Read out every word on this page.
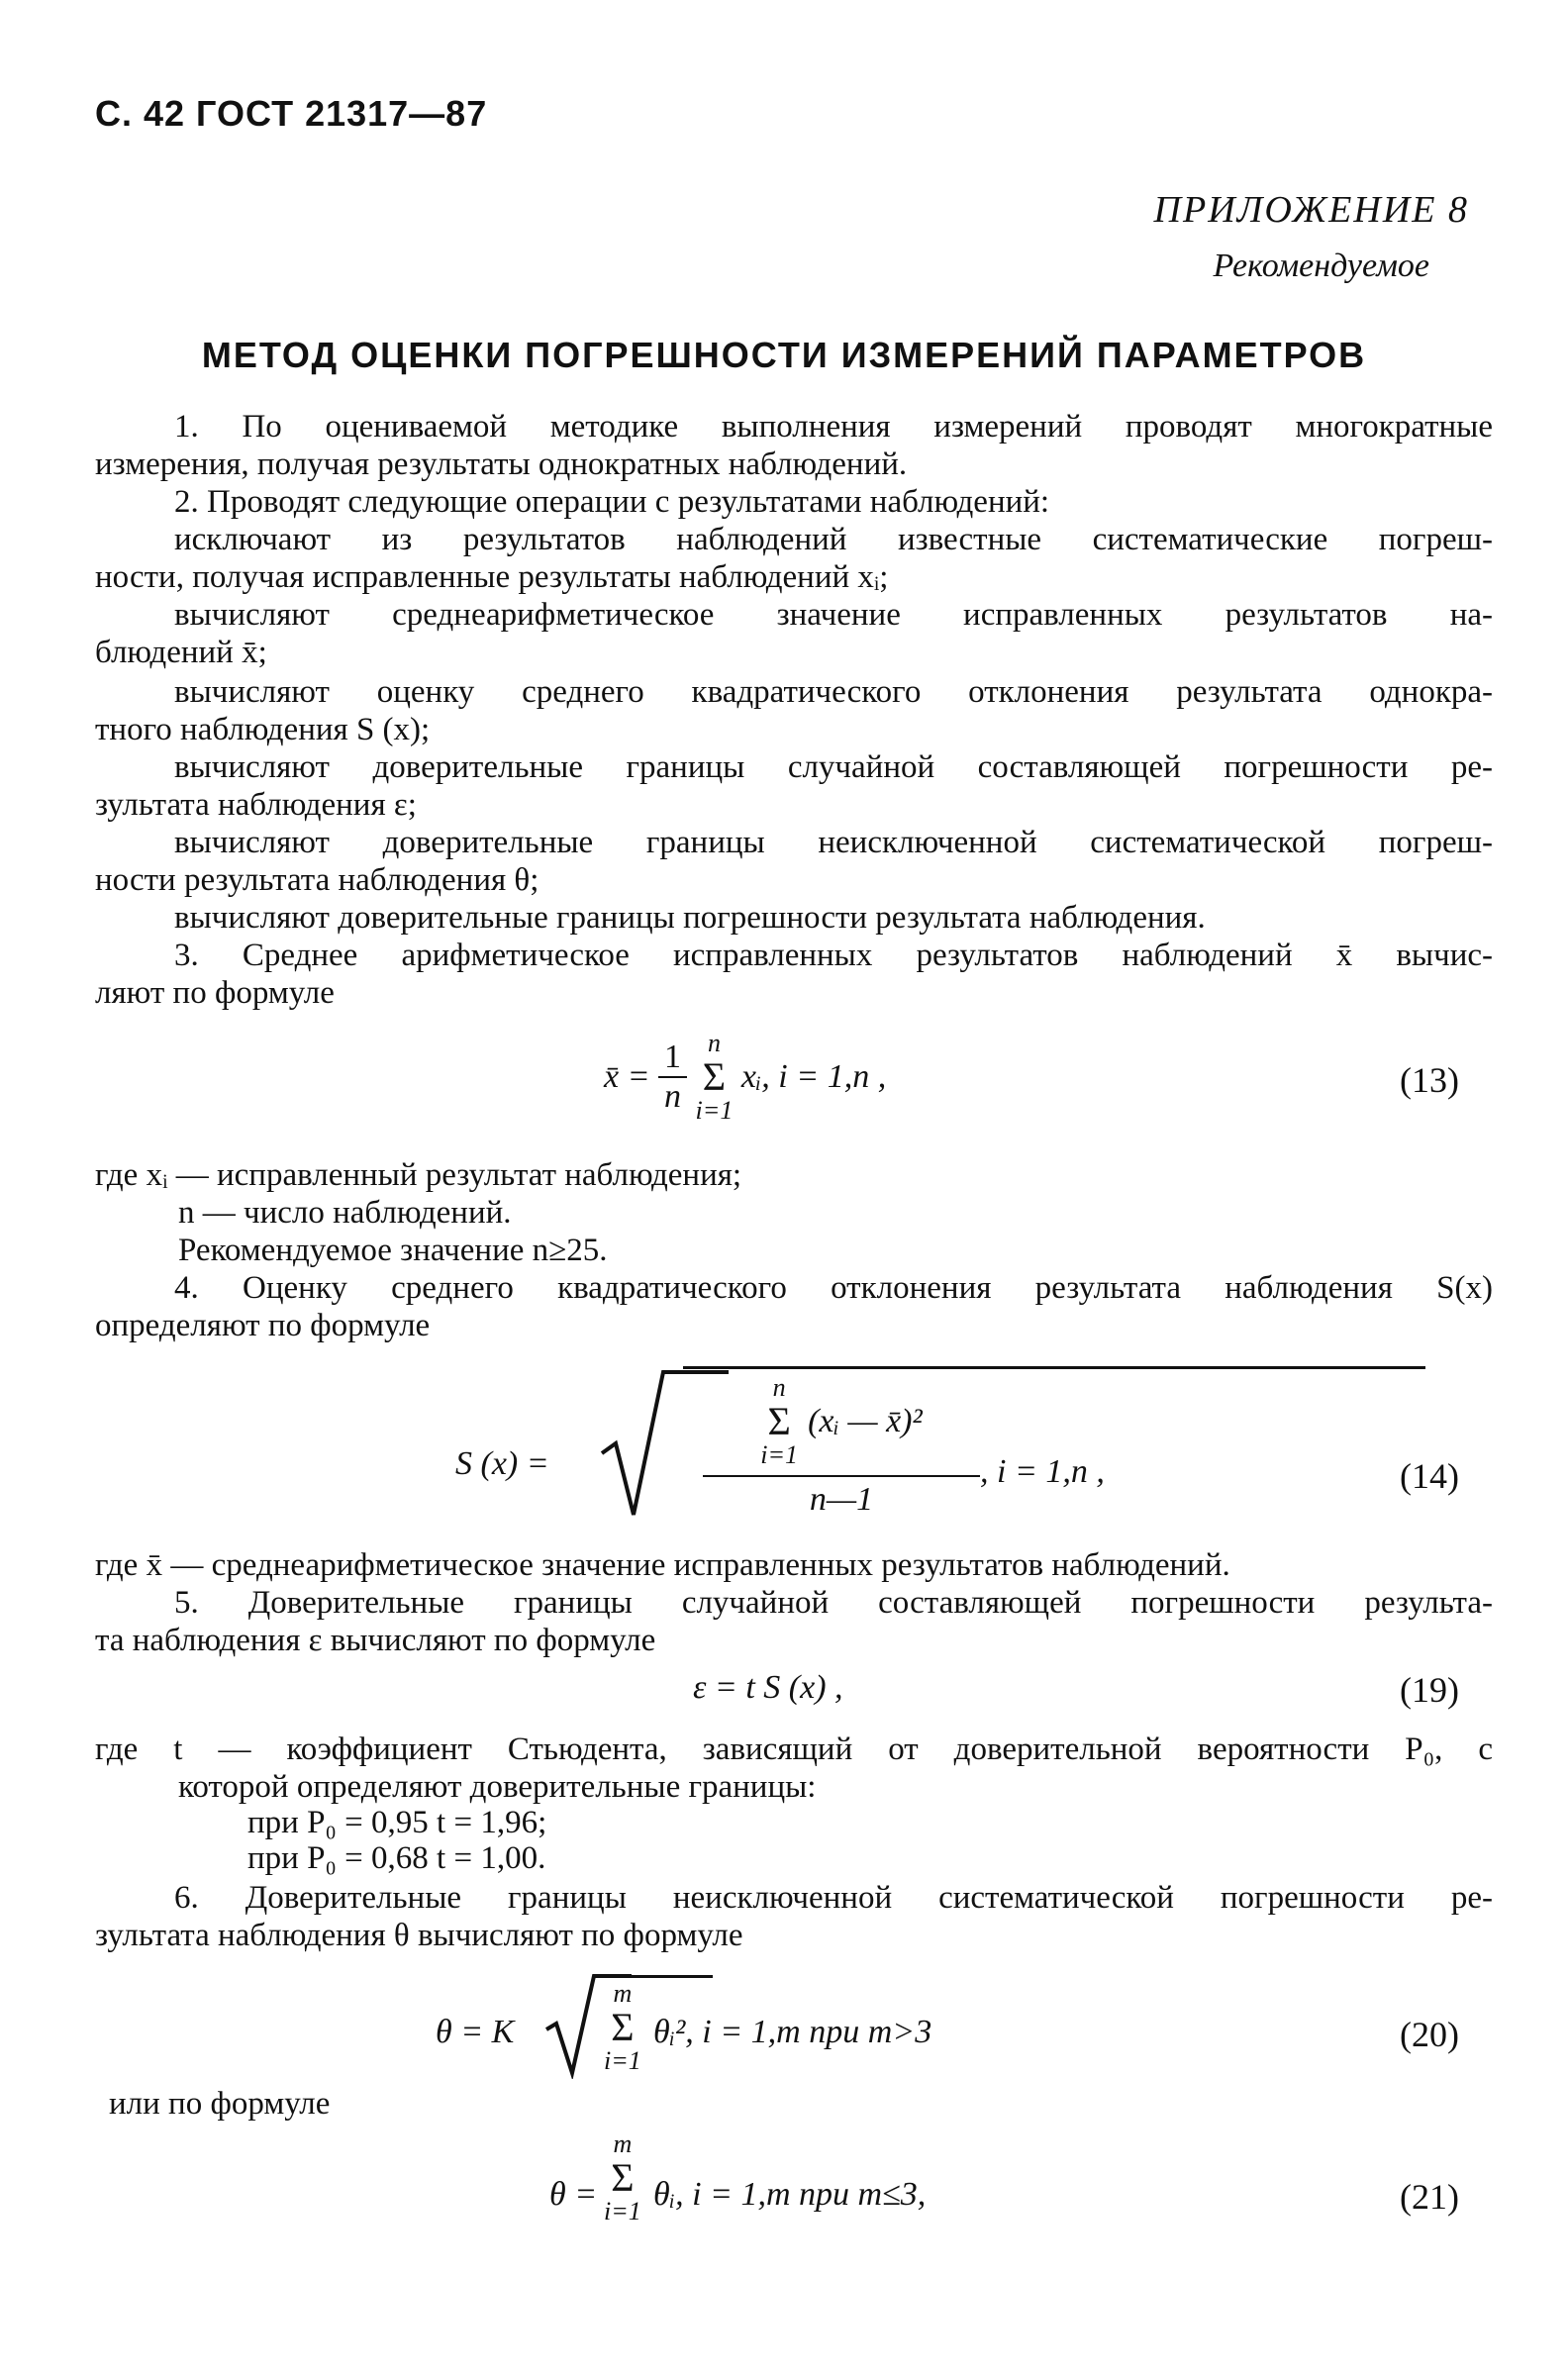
С. 42 ГОСТ 21317—87
ПРИЛОЖЕНИЕ 8
Рекомендуемое
МЕТОД ОЦЕНКИ ПОГРЕШНОСТИ ИЗМЕРЕНИЙ ПАРАМЕТРОВ
1. По оцениваемой методике выполнения измерений проводят многократные
измерения, получая результаты однократных наблюдений.
2. Проводят следующие операции с результатами наблюдений:
исключают из результатов наблюдений известные систематические погреш-
ности, получая исправленные результаты наблюдений xᵢ;
вычисляют среднеарифметическое значение исправленных результатов на-
блюдений x̄;
вычисляют оценку среднего квадратического отклонения результата однокра-
тного наблюдения S (x);
вычисляют доверительные границы случайной составляющей погрешности ре-
зультата наблюдения ε;
вычисляют доверительные границы неисключенной систематической погреш-
ности результата наблюдения θ;
вычисляют доверительные границы погрешности результата наблюдения.
3. Среднее арифметическое исправленных результатов наблюдений x̄ вычис-
ляют по формуле
x̄ = $\frac{1}{n}$ n
Σ
i=1 xᵢ, i = 1,n ,	(13)
где xᵢ — исправленный результат наблюдения;
n — число наблюдений.
Рекомендуемое значение n≥25.
4. Оценку среднего квадратического отклонения результата наблюдения S(x)
определяют по формуле
S (x) =
n
Σ
i=1
(xᵢ — x̄)²
n—1
, i = 1,n ,	(14)
где x̄ — среднеарифметическое значение исправленных результатов наблюдений.
5. Доверительные границы случайной составляющей погрешности результа-
та наблюдения ε вычисляют по формуле
ε = t S (x) ,	(19)
где t — коэффициент Стьюдента, зависящий от доверительной вероятности P₀, с
которой определяют доверительные границы:
при P₀ = 0,95 t = 1,96;
при P₀ = 0,68 t = 1,00.
6. Доверительные границы неисключенной систематической погрешности ре-
зультата наблюдения θ вычисляют по формуле
θ = K
m
Σ
i=1
θᵢ², i = 1,m при m>3	(20)
или по формуле
θ =
m
Σ
i=1 θᵢ, i = 1,m при m≤3,	(21)
